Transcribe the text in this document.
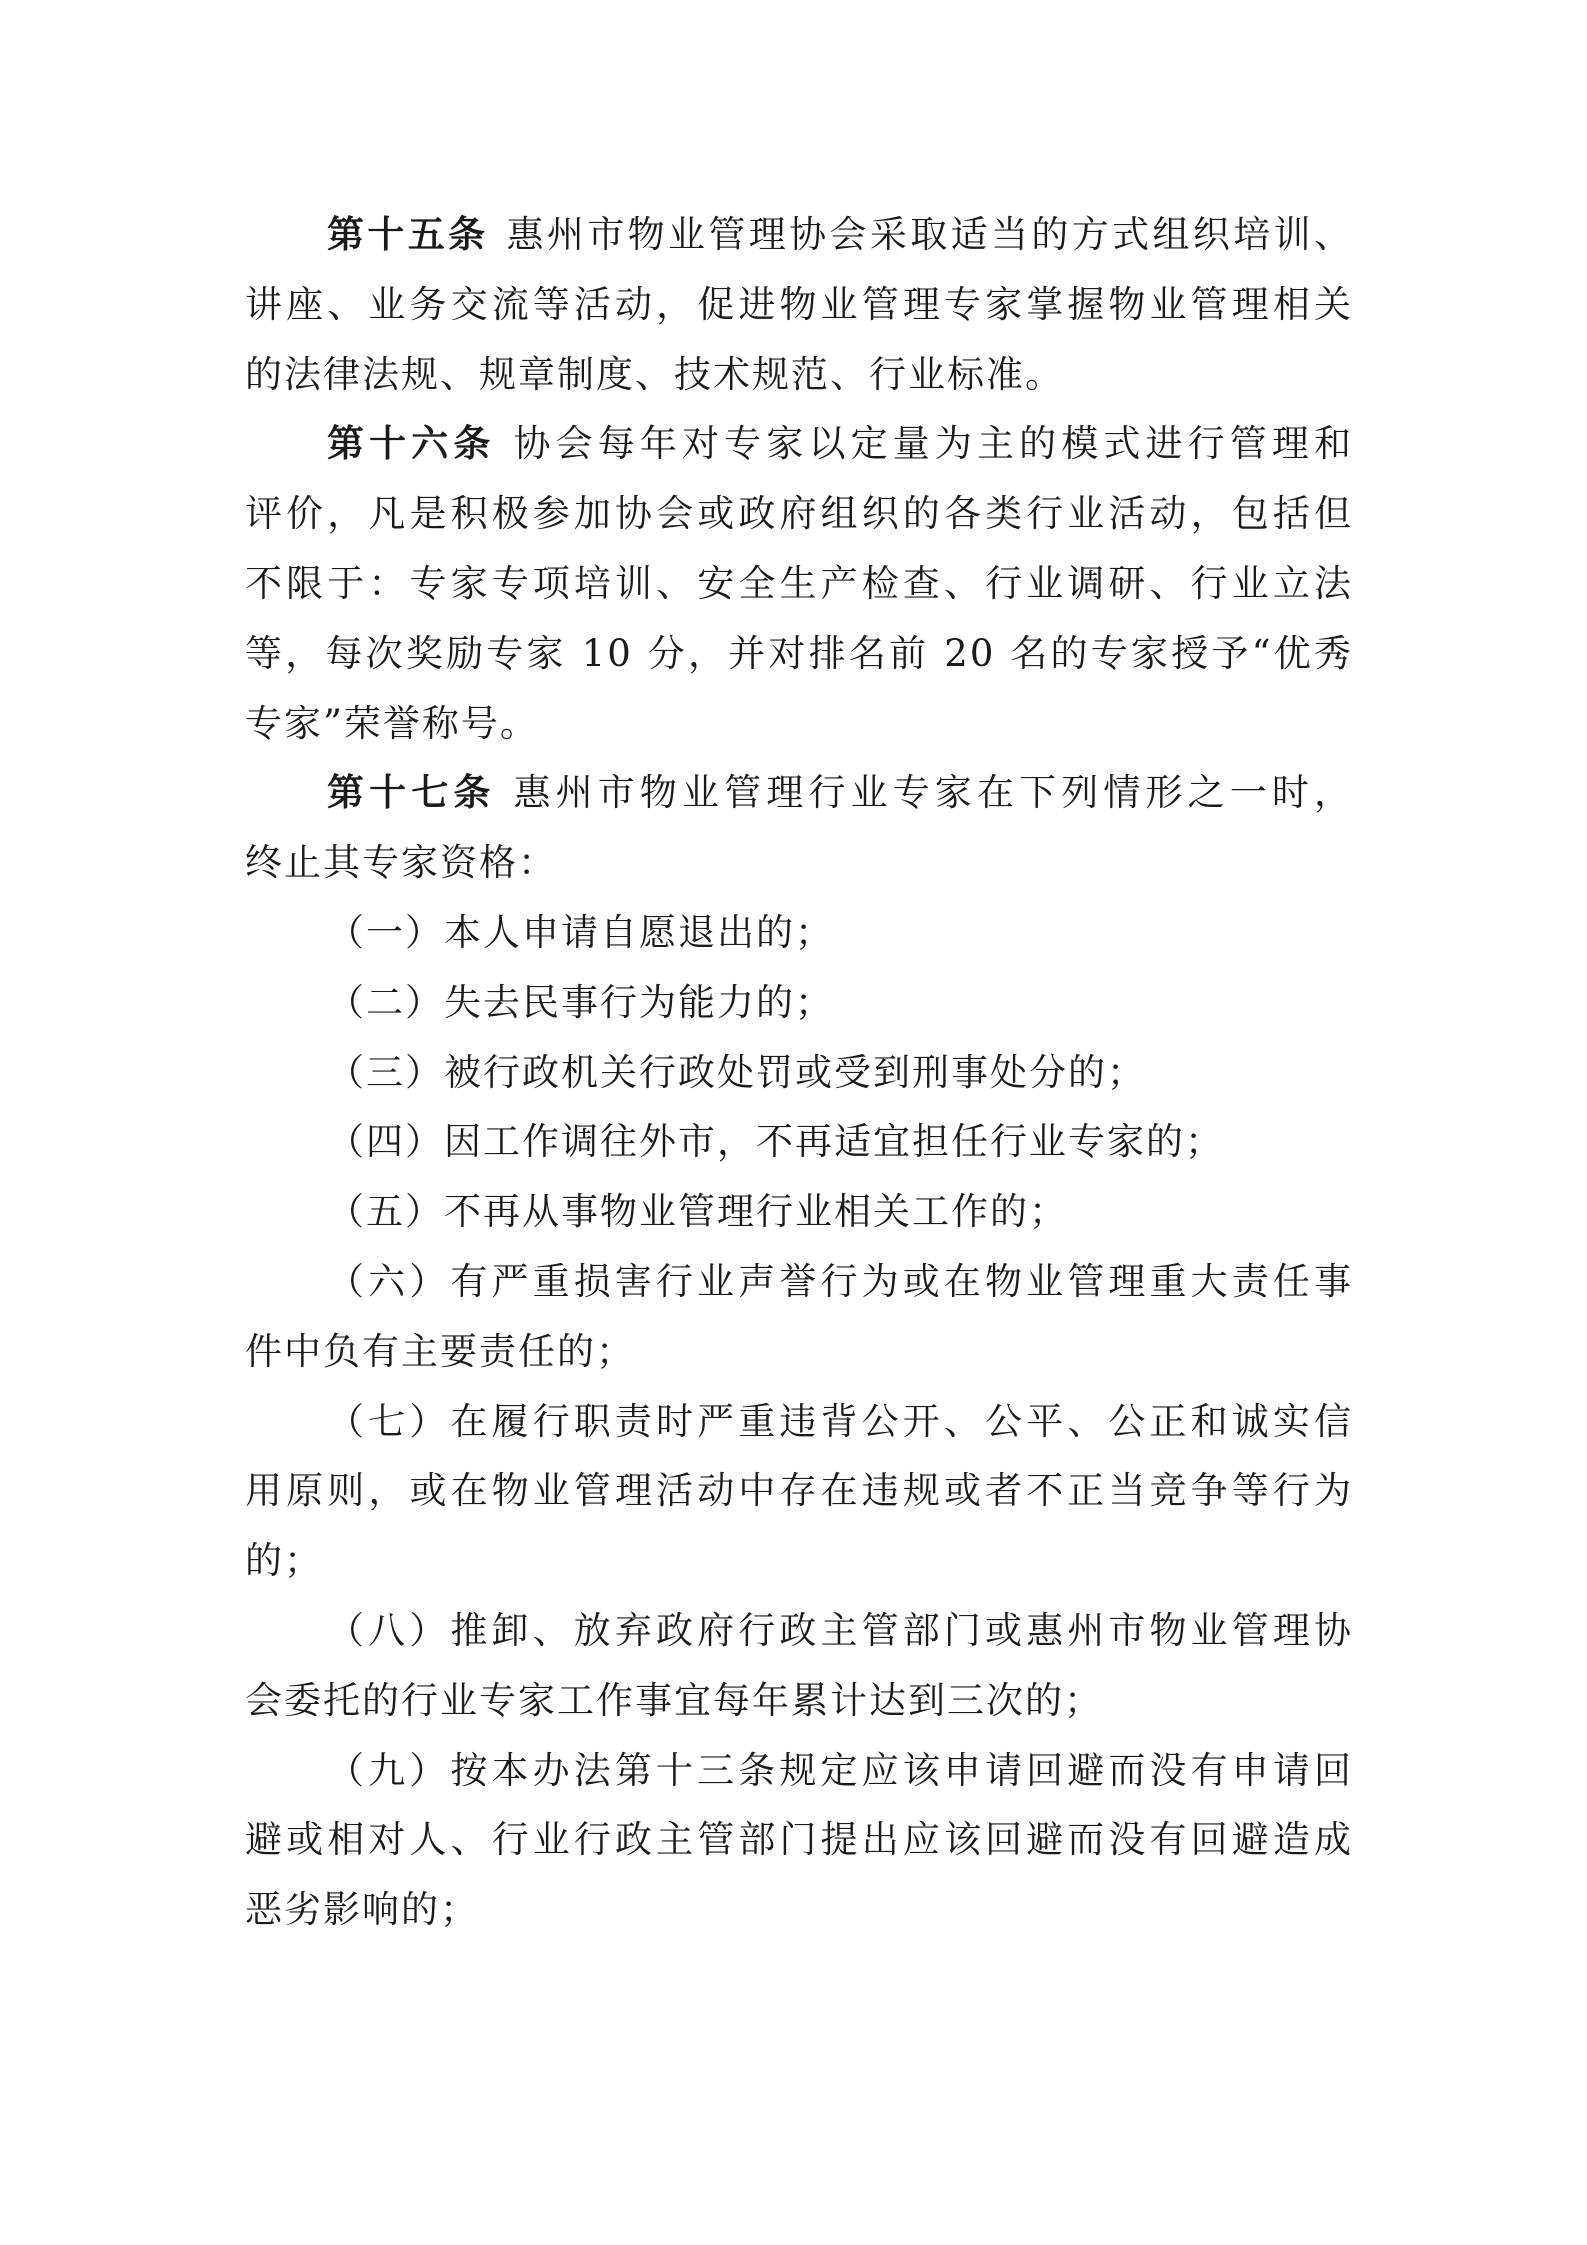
第十五条 惠州市物业管理协会采取适当的方式组织培训、
讲座、业务交流等活动，促进物业管理专家掌握物业管理相关
的法律法规、规章制度、技术规范、行业标准。
第十六条 协会每年对专家以定量为主的模式进行管理和
评价，凡是积极参加协会或政府组织的各类行业活动，包括但
不限于：专家专项培训、安全生产检查、行业调研、行业立法
等，每次奖励专家 10 分，并对排名前 20 名的专家授予“优秀
专家”荣誉称号。
第十七条 惠州市物业管理行业专家在下列情形之一时，
终止其专家资格：
（一）本人申请自愿退出的；
（二）失去民事行为能力的；
（三）被行政机关行政处罚或受到刑事处分的；
（四）因工作调往外市，不再适宜担任行业专家的；
（五）不再从事物业管理行业相关工作的；
（六）有严重损害行业声誉行为或在物业管理重大责任事
件中负有主要责任的；
（七）在履行职责时严重违背公开、公平、公正和诚实信
用原则，或在物业管理活动中存在违规或者不正当竞争等行为
的；
（八）推卸、放弃政府行政主管部门或惠州市物业管理协
会委托的行业专家工作事宜每年累计达到三次的；
（九）按本办法第十三条规定应该申请回避而没有申请回
避或相对人、行业行政主管部门提出应该回避而没有回避造成
恶劣影响的；
